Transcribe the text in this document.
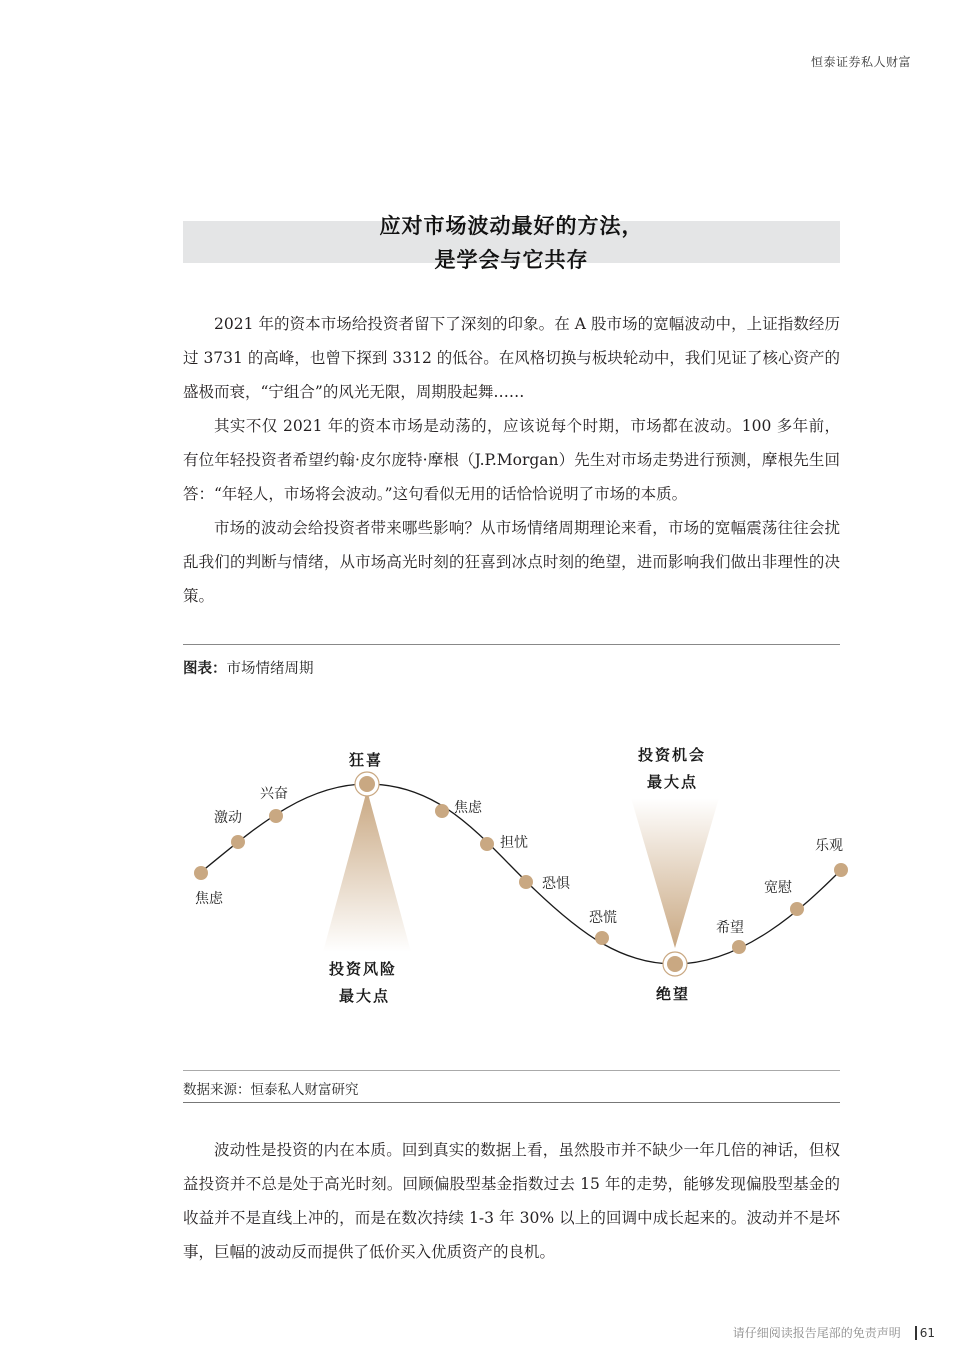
恒泰证券私人财富
应对市场波动最好的方法，
是学会与它共存

2021 年的资本市场给投资者留下了深刻的印象。在 A 股市场的宽幅波动中，上证指数经历过 3731 的高峰，也曾下探到 3312 的低谷。在风格切换与板块轮动中，我们见证了核心资产的盛极而衰，“宁组合”的风光无限，周期股起舞……

其实不仅 2021 年的资本市场是动荡的，应该说每个时期，市场都在波动。100 多年前，有位年轻投资者希望约翰·皮尔庞特·摩根（J.P.Morgan）先生对市场走势进行预测，摩根先生回答：“年轻人，市场将会波动。”这句看似无用的话恰恰说明了市场的本质。

市场的波动会给投资者带来哪些影响？从市场情绪周期理论来看，市场的宽幅震荡往往会扰乱我们的判断与情绪，从市场高光时刻的狂喜到冰点时刻的绝望，进而影响我们做出非理性的决策。

图表：市场情绪周期
焦虑
激动
兴奋
狂喜
焦虑
担忧
恐惧
恐慌
绝望
希望
宽慰
乐观
投资风险
最大点
投资机会
最大点
数据来源：恒泰私人财富研究

波动性是投资的内在本质。回到真实的数据上看，虽然股市并不缺少一年几倍的神话，但权益投资并不总是处于高光时刻。回顾偏股型基金指数过去 15 年的走势，能够发现偏股型基金的收益并不是直线上冲的，而是在数次持续 1-3 年 30% 以上的回调中成长起来的。波动并不是坏事，巨幅的波动反而提供了低价买入优质资产的良机。

请仔细阅读报告尾部的免责声明 61
